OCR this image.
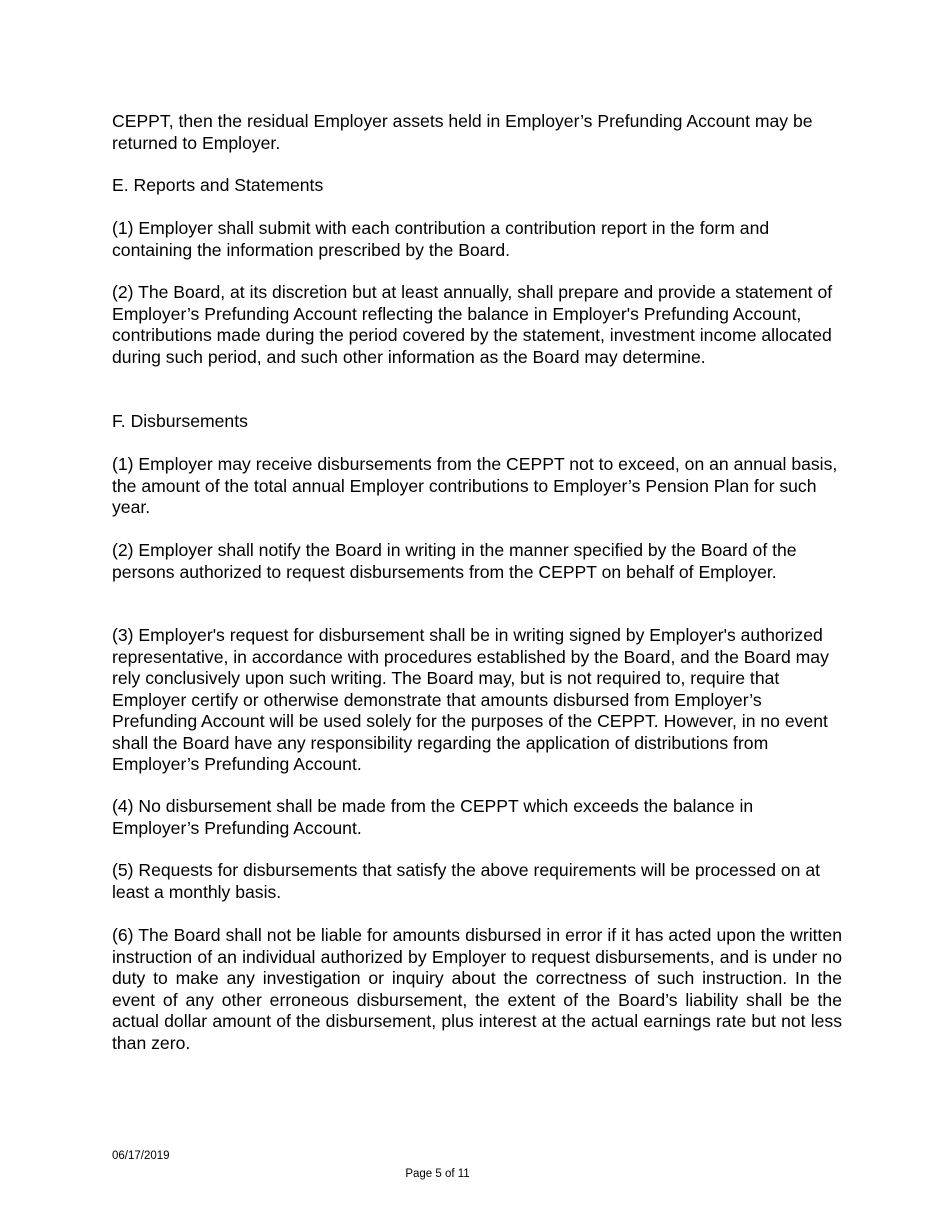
CEPPT, then the residual Employer assets held in Employer’s Prefunding Account may be returned to Employer.

E. Reports and Statements

(1) Employer shall submit with each contribution a contribution report in the form and containing the information prescribed by the Board.

(2) The Board, at its discretion but at least annually, shall prepare and provide a statement of Employer’s Prefunding Account reflecting the balance in Employer's Prefunding Account, contributions made during the period covered by the statement, investment income allocated during such period, and such other information as the Board may determine.

F. Disbursements

(1) Employer may receive disbursements from the CEPPT not to exceed, on an annual basis, the amount of the total annual Employer contributions to Employer’s Pension Plan for such year.

(2) Employer shall notify the Board in writing in the manner specified by the Board of the persons authorized to request disbursements from the CEPPT on behalf of Employer.

(3) Employer's request for disbursement shall be in writing signed by Employer's authorized representative, in accordance with procedures established by the Board, and the Board may rely conclusively upon such writing. The Board may, but is not required to, require that Employer certify or otherwise demonstrate that amounts disbursed from Employer’s Prefunding Account will be used solely for the purposes of the CEPPT. However, in no event shall the Board have any responsibility regarding the application of distributions from Employer’s Prefunding Account.

(4) No disbursement shall be made from the CEPPT which exceeds the balance in Employer’s Prefunding Account.

(5) Requests for disbursements that satisfy the above requirements will be processed on at least a monthly basis.

(6) The Board shall not be liable for amounts disbursed in error if it has acted upon the written instruction of an individual authorized by Employer to request disbursements, and is under no duty to make any investigation or inquiry about the correctness of such instruction. In the event of any other erroneous disbursement, the extent of the Board’s liability shall be the actual dollar amount of the disbursement, plus interest at the actual earnings rate but not less than zero.

06/17/2019
Page 5 of 11
